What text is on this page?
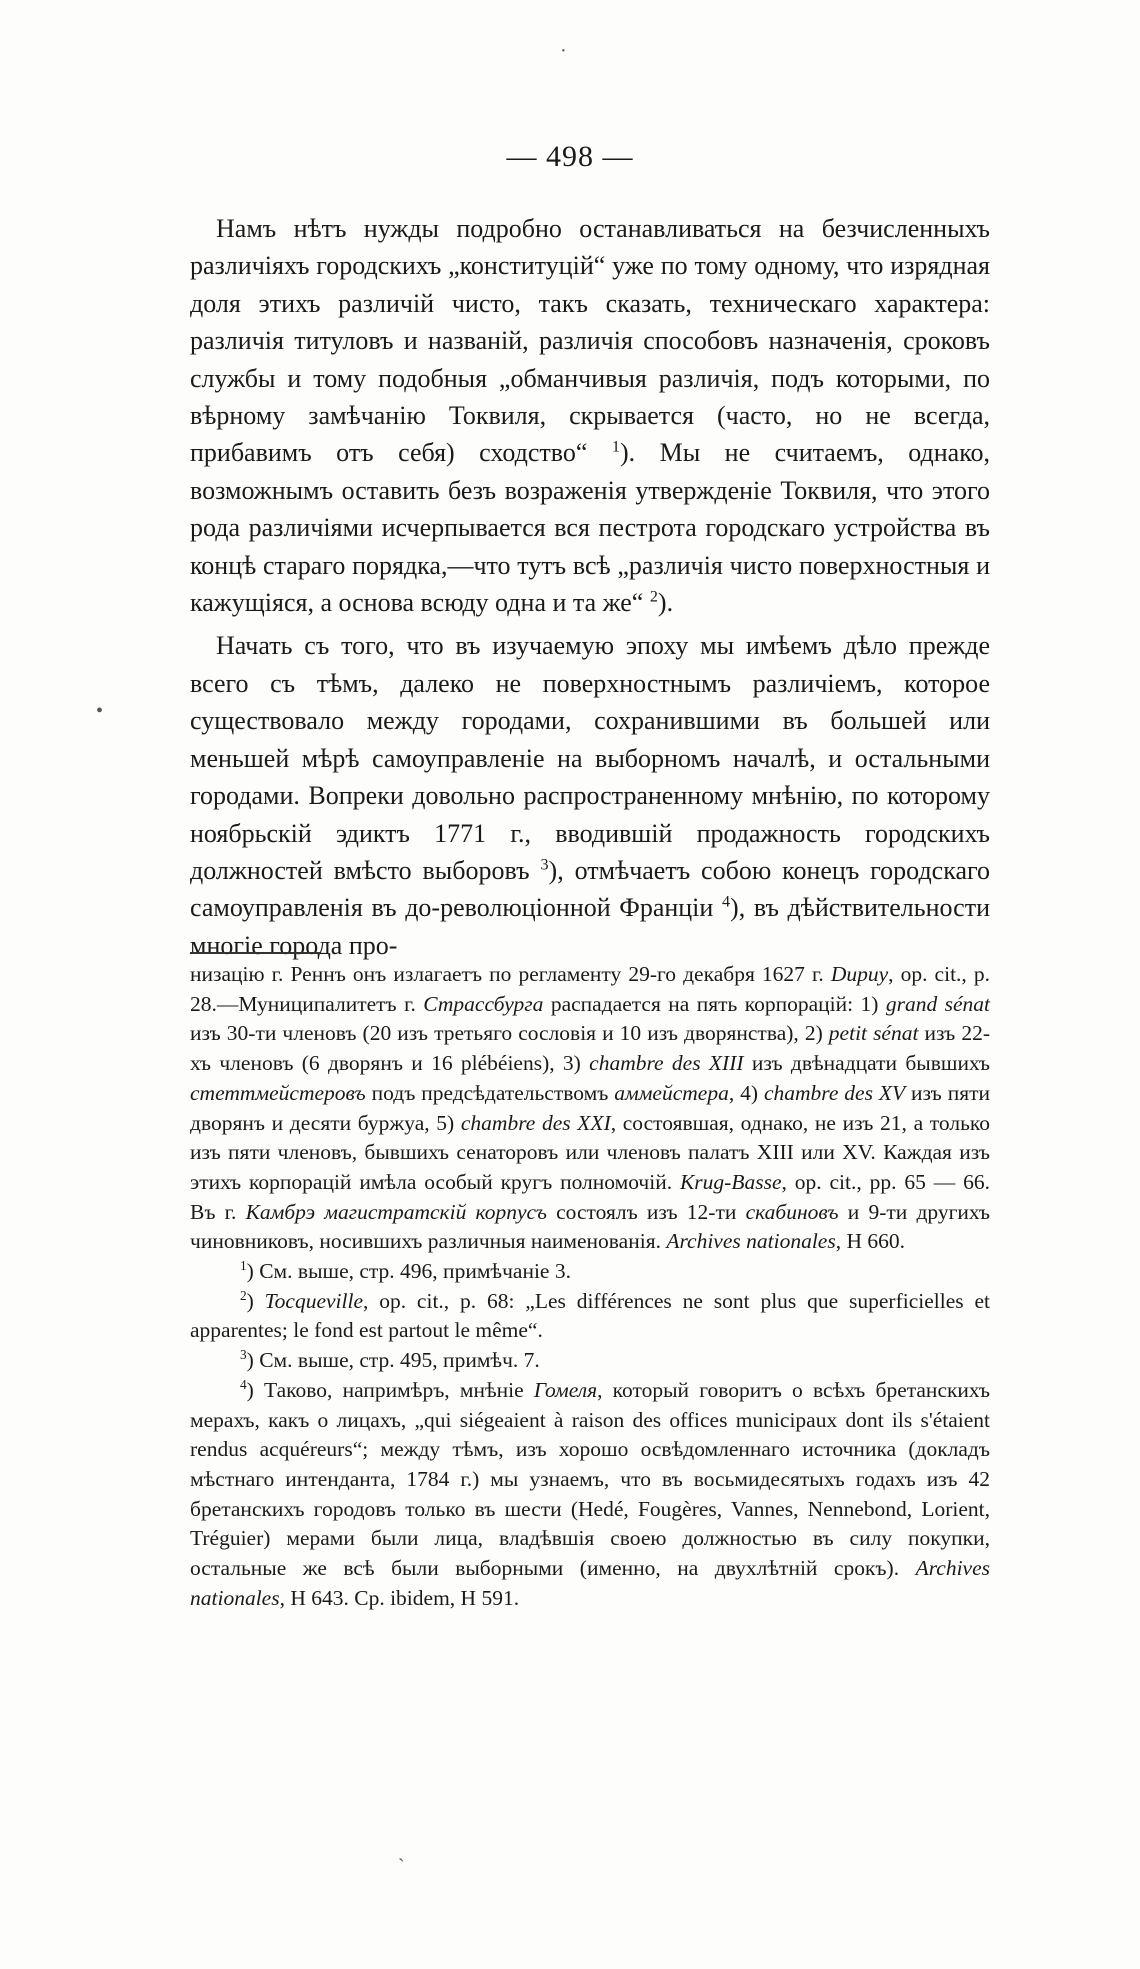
·
— 498 —

 Намъ нѣтъ нужды подробно останавливаться на безчисленныхъ различіяхъ городскихъ „конституцій“ уже по тому одному, что изрядная доля этихъ различій чисто, такъ сказать, техническаго характера: различія титуловъ и названій, различія способовъ назначенія, сроковъ службы и тому подобныя „обманчивыя различія, подъ которыми, по вѣрному замѣчанію Токвиля, скрывается (часто, но не всегда, прибавимъ отъ себя) сходство“ $^1$). Мы не считаемъ, однако, возможнымъ оставить безъ возраженія утвержденіе Токвиля, что этого рода различіями исчерпывается вся пестрота городскаго устройства въ концѣ стараго порядка,—что тутъ всѣ „различія чисто поверхностныя и кажущіяся, а основа всюду одна и та же“ $^2$).

 Начать съ того, что въ изучаемую эпоху мы имѣемъ дѣло прежде всего съ тѣмъ, далеко не поверхностнымъ различіемъ, которое существовало между городами, сохранившими въ большей или меньшей мѣрѣ самоуправленіе на выборномъ началѣ, и остальными городами. Вопреки довольно распространенному мнѣнію, по которому ноябрьскій эдиктъ 1771 г., вводившій продажность городскихъ должностей вмѣсто выборовъ $^3$), отмѣчаетъ собою конецъ городскаго самоуправленія въ до-революціонной Франціи $^4$), въ дѣйствительности многіе города про-

низацію г. Реннъ онъ излагаетъ по регламенту 29-го декабря 1627 г. Dupuy, op. cit., p. 28.—Муниципалитетъ г. Страссбурга распадается на пять корпорацій: 1) grand sénat изъ 30-ти членовъ (20 изъ третьяго сословія и 10 изъ дворянства), 2) petit sénat изъ 22-хъ членовъ (6 дворянъ и 16 plébéiens), 3) chambre des XIII изъ двѣнадцати бывшихъ стеттмейстеровъ подъ предсѣдательствомъ аммейстера, 4) chambre des XV изъ пяти дворянъ и десяти буржуа, 5) chambre des XXI, состоявшая, однако, не изъ 21, а только изъ пяти членовъ, бывшихъ сенаторовъ или членовъ палатъ XIII или XV. Каждая изъ этихъ корпорацій имѣла особый кругъ полномочій. Krug-Basse, op. cit., pp. 65 — 66. Въ г. Камбрэ магистратскій корпусъ состоялъ изъ 12-ти скабиновъ и 9-ти другихъ чиновниковъ, носившихъ различныя наименованія. Archives nationales, H 660.

$^1$) См. выше, стр. 496, примѣчаніе 3.

$^2$) Tocqueville, op. cit., p. 68: „Les différences ne sont plus que superficielles et apparentes; le fond est partout le même“.

$^3$) См. выше, стр. 495, примѣч. 7.

$^4$) Таково, напримѣръ, мнѣніе Гомеля, который говоритъ о всѣхъ бретанскихъ мерахъ, какъ о лицахъ, „qui siégeaient à raison des offices municipaux dont ils s'étaient rendus acquéreurs“; между тѣмъ, изъ хорошо освѣдомленнаго источника (докладъ мѣстнаго интенданта, 1784 г.) мы узнаемъ, что въ восьмидесятыхъ годахъ изъ 42 бретанскихъ городовъ только въ шести (Hedé, Fougères, Vannes, Nennebond, Lorient, Tréguier) мерами были лица, владѣвшія своею должностью въ силу покупки, остальные же всѣ были выборными (именно, на двухлѣтній срокъ). Archives nationales, H 643. Ср. ibidem, H 591.

•
ˏ
